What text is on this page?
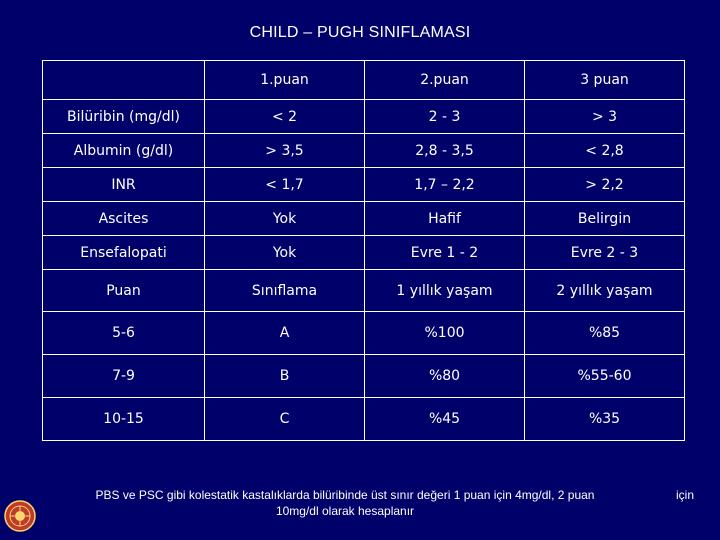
CHILD – PUGH SINIFLAMASI
	1.puan	2.puan	3 puan
Bilüribin (mg/dl)	< 2	2 - 3	> 3
Albumin (g/dl)	> 3,5	2,8 - 3,5	< 2,8
INR	< 1,7	1,7 – 2,2	> 2,2
Ascites	Yok	Hafif	Belirgin
Ensefalopati	Yok	Evre 1 - 2	Evre 2 - 3
Puan	Sınıflama	1 yıllık yaşam	2 yıllık yaşam
5-6	A	%100	%85
7-9	B	%80	%55-60
10-15	C	%45	%35
PBS ve PSC gibi kolestatik kastalıklarda bilüribinde üst sınır değeri 1 puan için 4mg/dl, 2 puan
10mg/dl olarak hesaplanır
için
